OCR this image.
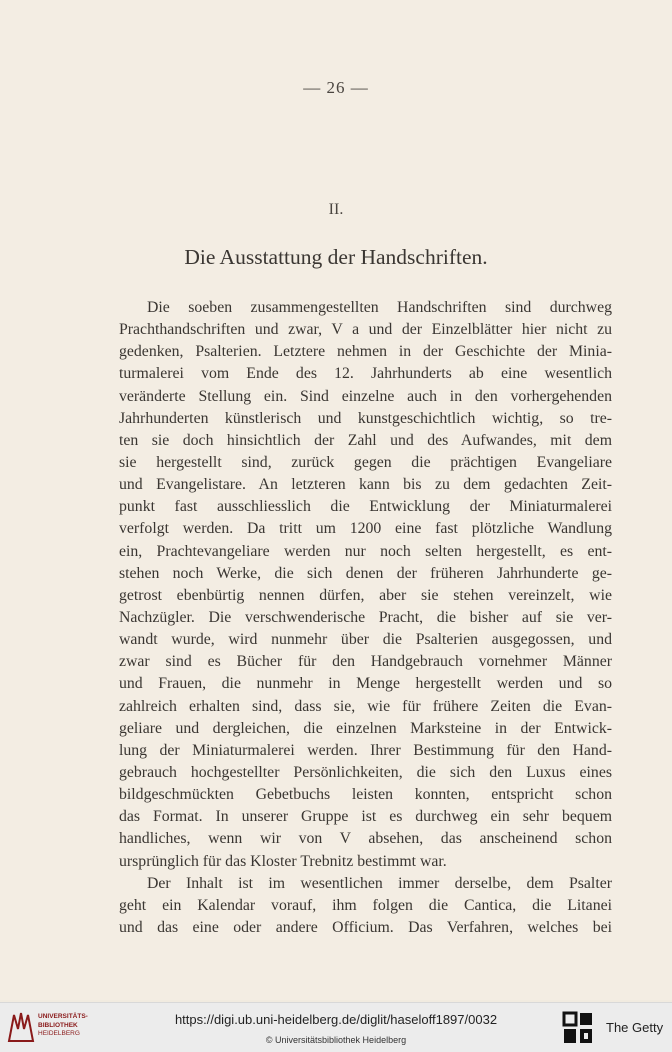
— 26 —
II.
Die Ausstattung der Handschriften.
Die soeben zusammengestellten Handschriften sind durchweg
Prachthandschriften und zwar, V a und der Einzelblätter hier nicht zu
gedenken, Psalterien. Letztere nehmen in der Geschichte der Minia-
turmalerei vom Ende des 12. Jahrhunderts ab eine wesentlich
veränderte Stellung ein. Sind einzelne auch in den vorhergehenden
Jahrhunderten künstlerisch und kunstgeschichtlich wichtig, so tre-
ten sie doch hinsichtlich der Zahl und des Aufwandes, mit dem
sie hergestellt sind, zurück gegen die prächtigen Evangeliare
und Evangelistare. An letzteren kann bis zu dem gedachten Zeit-
punkt fast ausschliesslich die Entwicklung der Miniaturmalerei
verfolgt werden. Da tritt um 1200 eine fast plötzliche Wandlung
ein, Prachtevangeliare werden nur noch selten hergestellt, es ent-
stehen noch Werke, die sich denen der früheren Jahrhunderte ge-
getrost ebenbürtig nennen dürfen, aber sie stehen vereinzelt, wie
Nachzügler. Die verschwenderische Pracht, die bisher auf sie ver-
wandt wurde, wird nunmehr über die Psalterien ausgegossen, und
zwar sind es Bücher für den Handgebrauch vornehmer Männer
und Frauen, die nunmehr in Menge hergestellt werden und so
zahlreich erhalten sind, dass sie, wie für frühere Zeiten die Evan-
geliare und dergleichen, die einzelnen Marksteine in der Entwick-
lung der Miniaturmalerei werden. Ihrer Bestimmung für den Hand-
gebrauch hochgestellter Persönlichkeiten, die sich den Luxus eines
bildgeschmückten Gebetbuchs leisten konnten, entspricht schon
das Format. In unserer Gruppe ist es durchweg ein sehr bequem
handliches, wenn wir von V absehen, das anscheinend schon
ursprünglich für das Kloster Trebnitz bestimmt war.
Der Inhalt ist im wesentlichen immer derselbe, dem Psalter
geht ein Kalendar vorauf, ihm folgen die Cantica, die Litanei
und das eine oder andere Officium. Das Verfahren, welches bei
UNIVERSITÄTS-
BIBLIOTHEK
HEIDELBERG
https://digi.ub.uni-heidelberg.de/diglit/haseloff1897/0032
© Universitätsbibliothek Heidelberg
The Getty
